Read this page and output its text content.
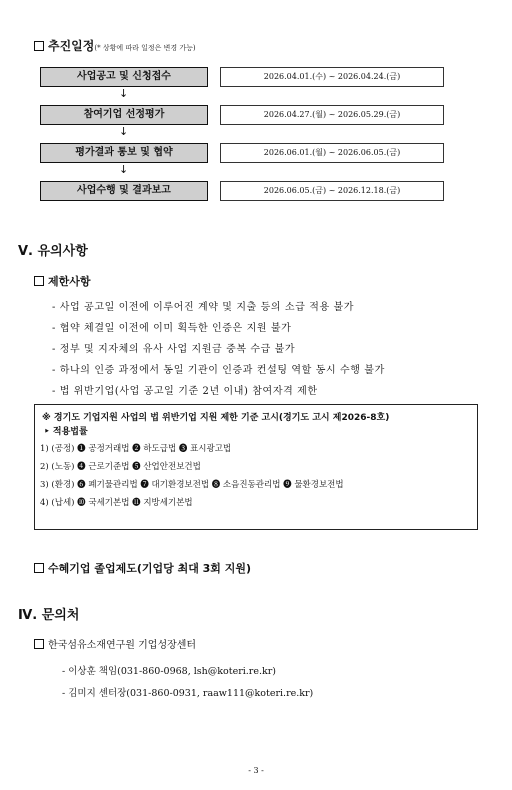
추진일정(* 상황에 따라 일정은 변경 가능)
사업공고 및 신청접수	2026.04.01.(수) ~ 2026.04.24.(금)
↓
참여기업 선정평가	2026.04.27.(월) ~ 2026.05.29.(금)
↓
평가결과 통보 및 협약	2026.06.01.(월) ~ 2026.06.05.(금)
↓
사업수행 및 결과보고	2026.06.05.(금) ~ 2026.12.18.(금)
Ⅴ. 유의사항
제한사항
- 사업 공고일 이전에 이루어진 계약 및 지출 등의 소급 적용 불가
- 협약 체결일 이전에 이미 획득한 인증은 지원 불가
- 정부 및 지자체의 유사 사업 지원금 중복 수급 불가
- 하나의 인증 과정에서 동일 기관이 인증과 컨설팅 역할 동시 수행 불가
- 법 위반기업(사업 공고일 기준 2년 이내) 참여자격 제한
※ 경기도 기업지원 사업의 법 위반기업 지원 제한 기준 고시(경기도 고시 제2026-8호)
‣ 적용법률
1) (공정) ❶ 공정거래법 ❷ 하도급법 ❸ 표시광고법
2) (노동) ❹ 근로기준법 ❺ 산업안전보건법
3) (환경) ❻ 폐기물관리법 ❼ 대기환경보전법 ❽ 소음진동관리법 ❾ 물환경보전법
4) (납세) ❿ 국세기본법 ⓫ 지방세기본법
수혜기업 졸업제도(기업당 최대 3회 지원)
Ⅳ. 문의처
한국섬유소재연구원 기업성장센터
- 이상훈 책임(031-860-0968, lsh@koteri.re.kr)
- 김미지 센터장(031-860-0931, raaw111@koteri.re.kr)
- 3 -
